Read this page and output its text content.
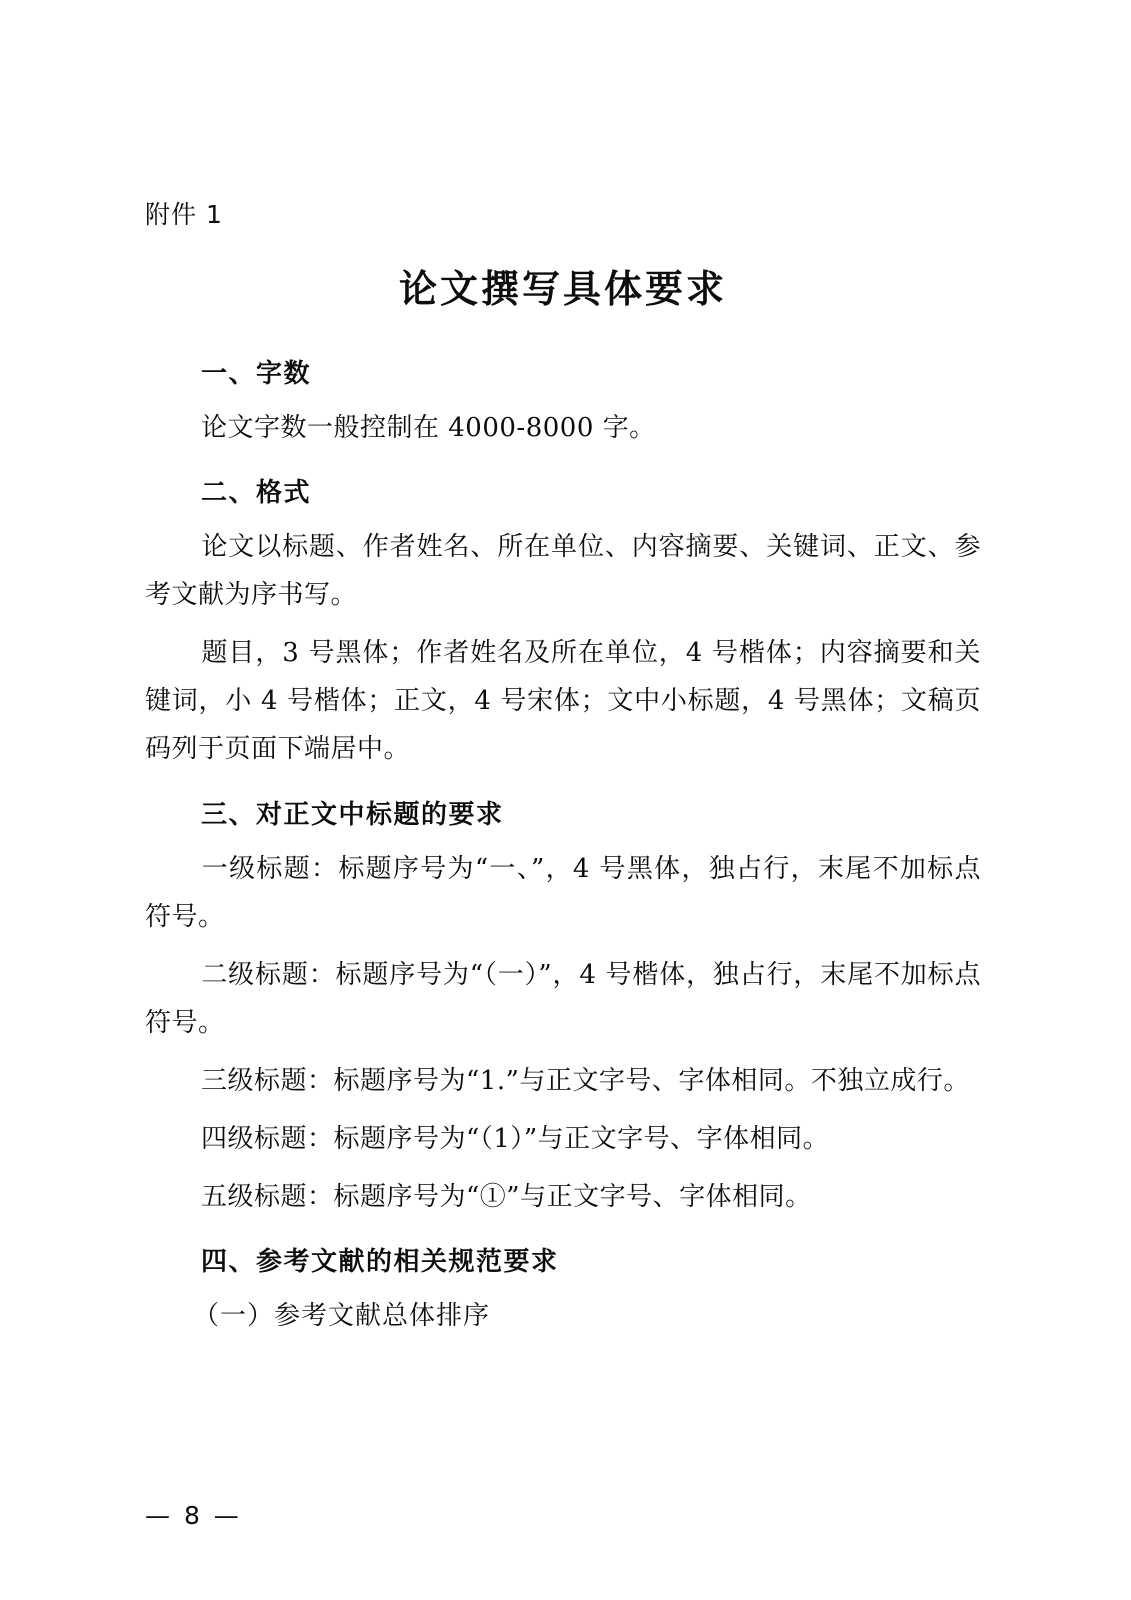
附件 1
论文撰写具体要求
一、字数

论文字数一般控制在 4000-8000 字。

二、格式

论文以标题、作者姓名、所在单位、内容摘要、关键词、正文、参考文献为序书写。

题目，3 号黑体；作者姓名及所在单位，4 号楷体；内容摘要和关键词，小 4 号楷体；正文，4 号宋体；文中小标题，4 号黑体；文稿页码列于页面下端居中。

三、对正文中标题的要求

一级标题：标题序号为“一、”，4 号黑体，独占行，末尾不加标点符号。

二级标题：标题序号为“（一）”，4 号楷体，独占行，末尾不加标点符号。

三级标题：标题序号为“1.”与正文字号、字体相同。不独立成行。

四级标题：标题序号为“（1）”与正文字号、字体相同。

五级标题：标题序号为“①”与正文字号、字体相同。

四、参考文献的相关规范要求

（一）参考文献总体排序

— 8 —
